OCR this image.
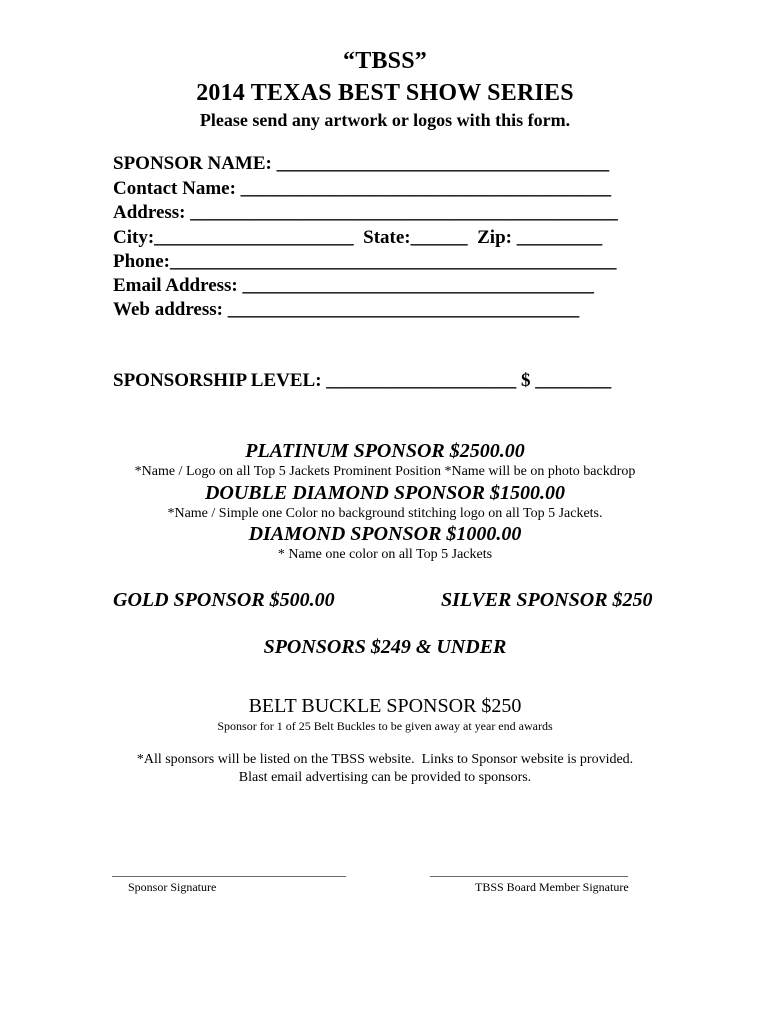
“TBSS”
2014 TEXAS BEST SHOW SERIES
Please send any artwork or logos with this form.
SPONSOR NAME: ___________________________________
Contact Name: _______________________________________
Address: _____________________________________________
City:_____________________  State:______  Zip: _________
Phone:_______________________________________________
Email Address: _____________________________________
Web address: _____________________________________
SPONSORSHIP LEVEL: ____________________ $ ________
PLATINUM SPONSOR $2500.00
*Name / Logo on all Top 5 Jackets Prominent Position *Name will be on photo backdrop
DOUBLE DIAMOND SPONSOR $1500.00
*Name / Simple one Color no background stitching logo on all Top 5 Jackets.
DIAMOND SPONSOR $1000.00
* Name one color on all Top 5 Jackets
GOLD SPONSOR $500.00	SILVER SPONSOR $250
SPONSORS $249 & UNDER
BELT BUCKLE SPONSOR $250
Sponsor for 1 of 25 Belt Buckles to be given away at year end awards
*All sponsors will be listed on the TBSS website.  Links to Sponsor website is provided.
Blast email advertising can be provided to sponsors.
_______________________________________
Sponsor Signature
_________________________________
TBSS Board Member Signature
